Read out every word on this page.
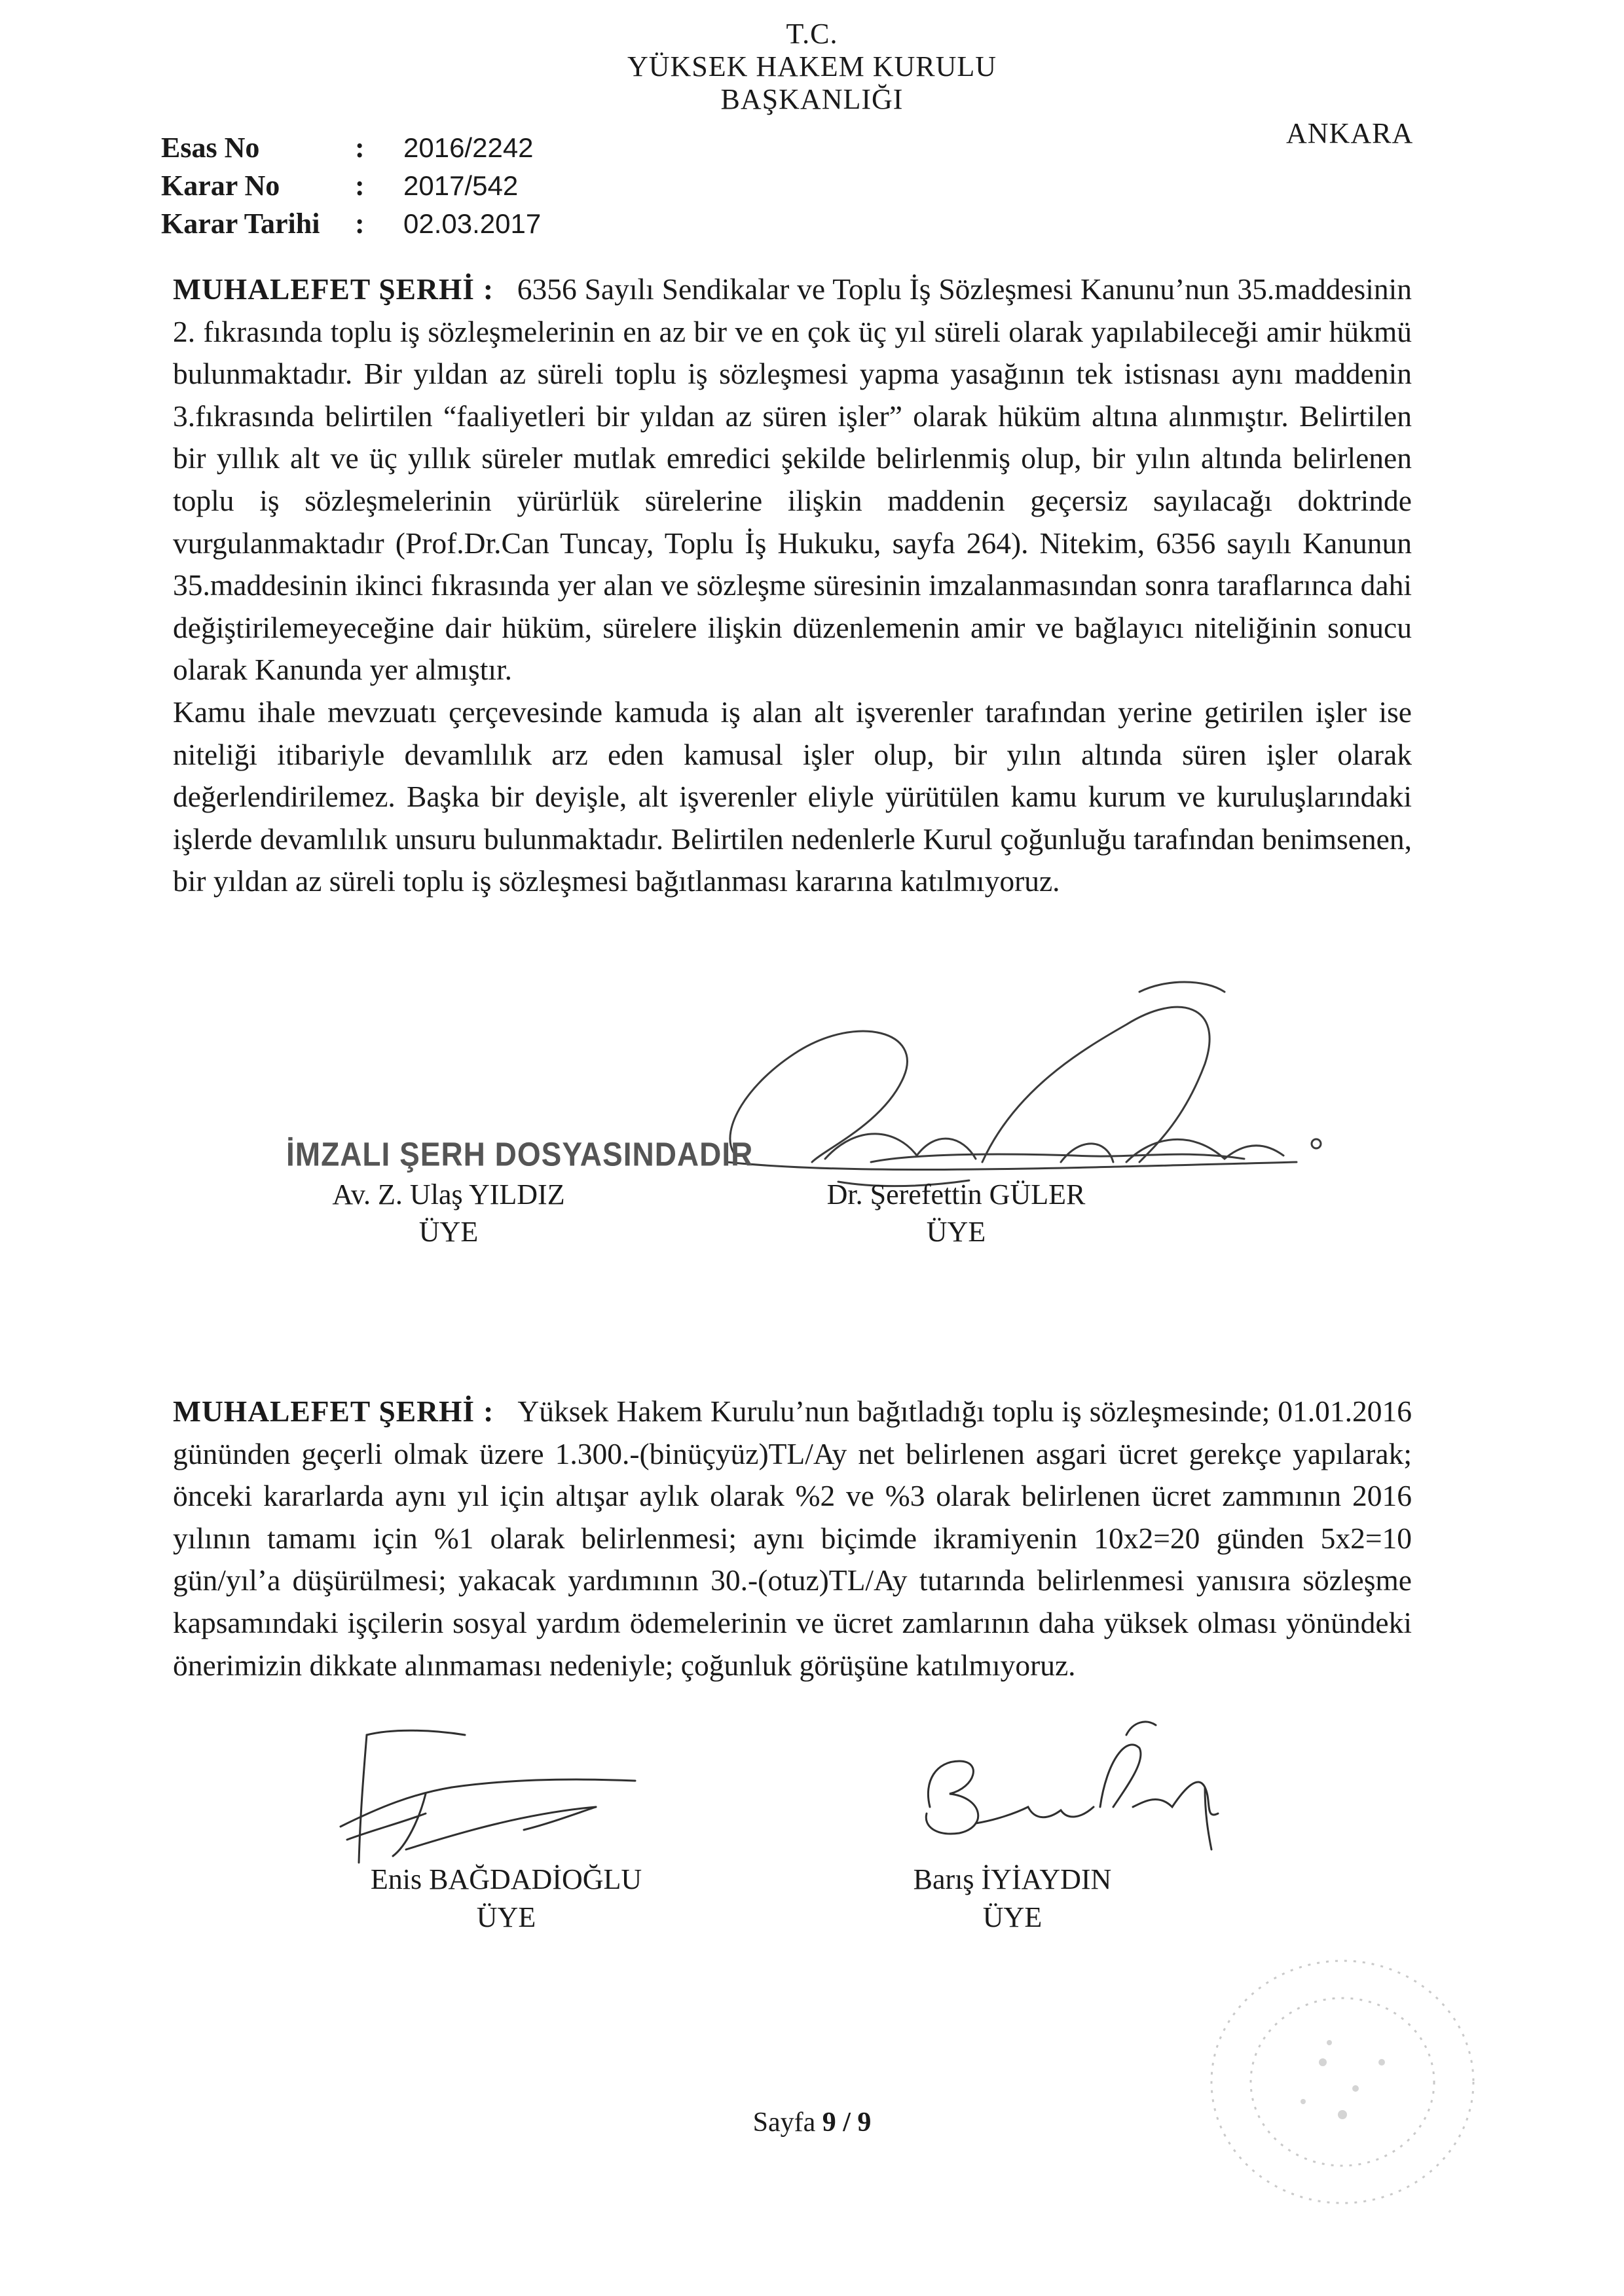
T.C.
YÜKSEK HAKEM KURULU
BAŞKANLIĞI
ANKARA
Esas No	: 2016/2242
Karar No	: 2017/542
Karar Tarihi : 02.03.2017

MUHALEFET ŞERHİ : 6356 Sayılı Sendikalar ve Toplu İş Sözleşmesi Kanunu’nun 35.maddesinin 2. fıkrasında toplu iş sözleşmelerinin en az bir ve en çok üç yıl süreli olarak yapılabileceği amir hükmü bulunmaktadır. Bir yıldan az süreli toplu iş sözleşmesi yapma yasağının tek istisnası aynı maddenin 3.fıkrasında belirtilen “faaliyetleri bir yıldan az süren işler” olarak hüküm altına alınmıştır. Belirtilen bir yıllık alt ve üç yıllık süreler mutlak emredici şekilde belirlenmiş olup, bir yılın altında belirlenen toplu iş sözleşmelerinin yürürlük sürelerine ilişkin maddenin geçersiz sayılacağı doktrinde vurgulanmaktadır (Prof.Dr.Can Tuncay, Toplu İş Hukuku, sayfa 264). Nitekim, 6356 sayılı Kanunun 35.maddesinin ikinci fıkrasında yer alan ve sözleşme süresinin imzalanmasından sonra taraflarınca dahi değiştirilemeyeceğine dair hüküm, sürelere ilişkin düzenlemenin amir ve bağlayıcı niteliğinin sonucu olarak Kanunda yer almıştır.

Kamu ihale mevzuatı çerçevesinde kamuda iş alan alt işverenler tarafından yerine getirilen işler ise niteliği itibariyle devamlılık arz eden kamusal işler olup, bir yılın altında süren işler olarak değerlendirilemez. Başka bir deyişle, alt işverenler eliyle yürütülen kamu kurum ve kuruluşlarındaki işlerde devamlılık unsuru bulunmaktadır. Belirtilen nedenlerle Kurul çoğunluğu tarafından benimsenen, bir yıldan az süreli toplu iş sözleşmesi bağıtlanması kararına katılmıyoruz.

İMZALI ŞERH DOSYASINDADIR
Av. Z. Ulaş YILDIZ
ÜYE
Dr. Şerefettin GÜLER
ÜYE

MUHALEFET ŞERHİ : Yüksek Hakem Kurulu’nun bağıtladığı toplu iş sözleşmesinde; 01.01.2016 gününden geçerli olmak üzere 1.300.-(binüçyüz)TL/Ay net belirlenen asgari ücret gerekçe yapılarak; önceki kararlarda aynı yıl için altışar aylık olarak %2 ve %3 olarak belirlenen ücret zammının 2016 yılının tamamı için %1 olarak belirlenmesi; aynı biçimde ikramiyenin 10x2=20 günden 5x2=10 gün/yıl’a düşürülmesi; yakacak yardımının 30.-(otuz)TL/Ay tutarında belirlenmesi yanısıra sözleşme kapsamındaki işçilerin sosyal yardım ödemelerinin ve ücret zamlarının daha yüksek olması yönündeki önerimizin dikkate alınmaması nedeniyle; çoğunluk görüşüne katılmıyoruz.

Enis BAĞDADİOĞLU
ÜYE
Barış İYİAYDIN
ÜYE
Sayfa 9 / 9
